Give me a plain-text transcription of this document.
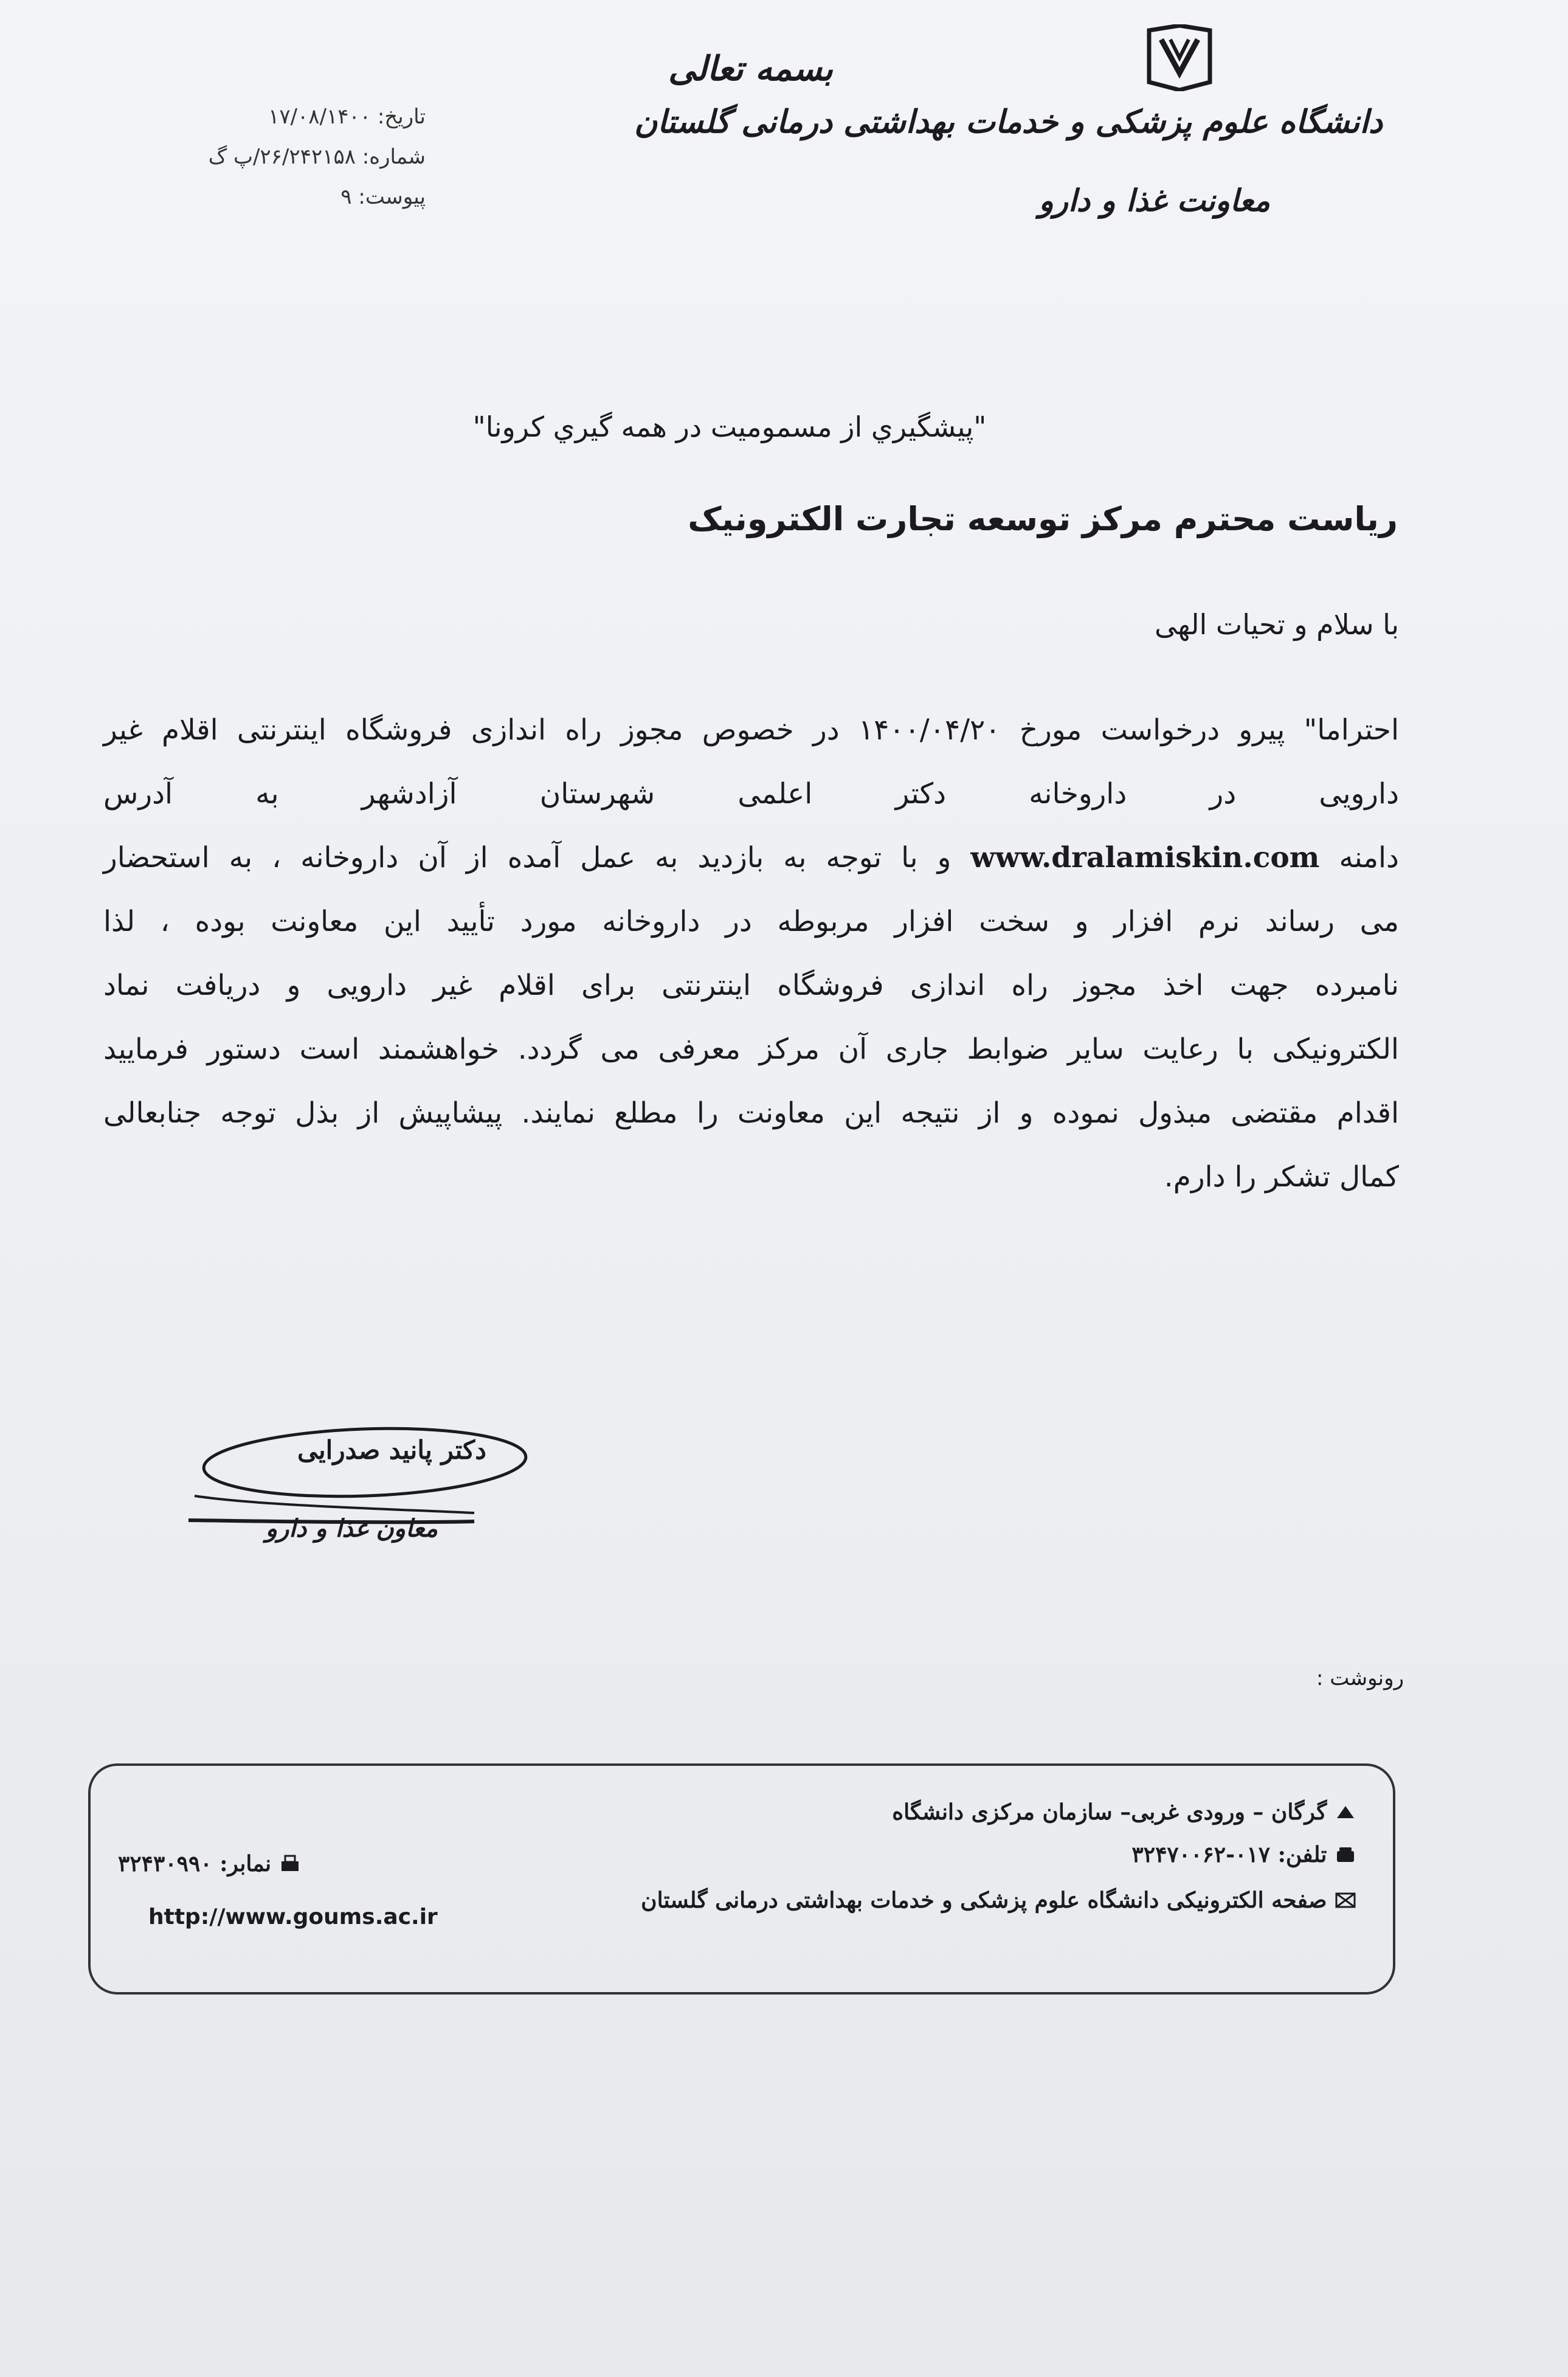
دانشگاه علوم پزشکی و خدمات بهداشتی درمانی گلستان
معاونت غذا و دارو
بسمه تعالی
تاریخ: ۱۷/۰۸/۱۴۰۰
شماره: ۲۶/۲۴۲۱۵۸/پ گ
پیوست: ۹
"پیشگيري از مسموميت در همه گيري كرونا"
ریاست محترم مرکز توسعه تجارت الکترونیک
با سلام و تحیات الهی
احتراما" پیرو درخواست مورخ ۱۴۰۰/۰۴/۲۰ در خصوص مجوز راه اندازی فروشگاه اینترنتی اقلام غیر
دارویی در داروخانه دکتر اعلمی شهرستان آزادشهر به آدرس
دامنه www.dralamiskin.com و با توجه به بازدید به عمل آمده از آن داروخانه ، به استحضار
می رساند نرم افزار و سخت افزار مربوطه در داروخانه مورد تأیید این معاونت بوده ، لذا
نامبرده جهت اخذ مجوز راه اندازی فروشگاه اینترنتی برای اقلام غیر دارویی و دریافت نماد
الکترونیکی با رعایت سایر ضوابط جاری آن مرکز معرفی می گردد. خواهشمند است دستور فرمایید
اقدام مقتضی مبذول نموده و از نتیجه این معاونت را مطلع نمایند. پیشاپیش از بذل توجه جنابعالی
کمال تشکر را دارم.
دکتر پانید صدرایی
معاون غذا و دارو
رونوشت :
گرگان – ورودی غربی– سازمان مرکزی دانشگاه
تلفن: ۰۱۷-۳۲۴۷۰۰۶۲
صفحه الکترونیکی دانشگاه علوم پزشکی و خدمات بهداشتی درمانی گلستان
نمابر: ۳۲۴۳۰۹۹۰
http://www.goums.ac.ir
